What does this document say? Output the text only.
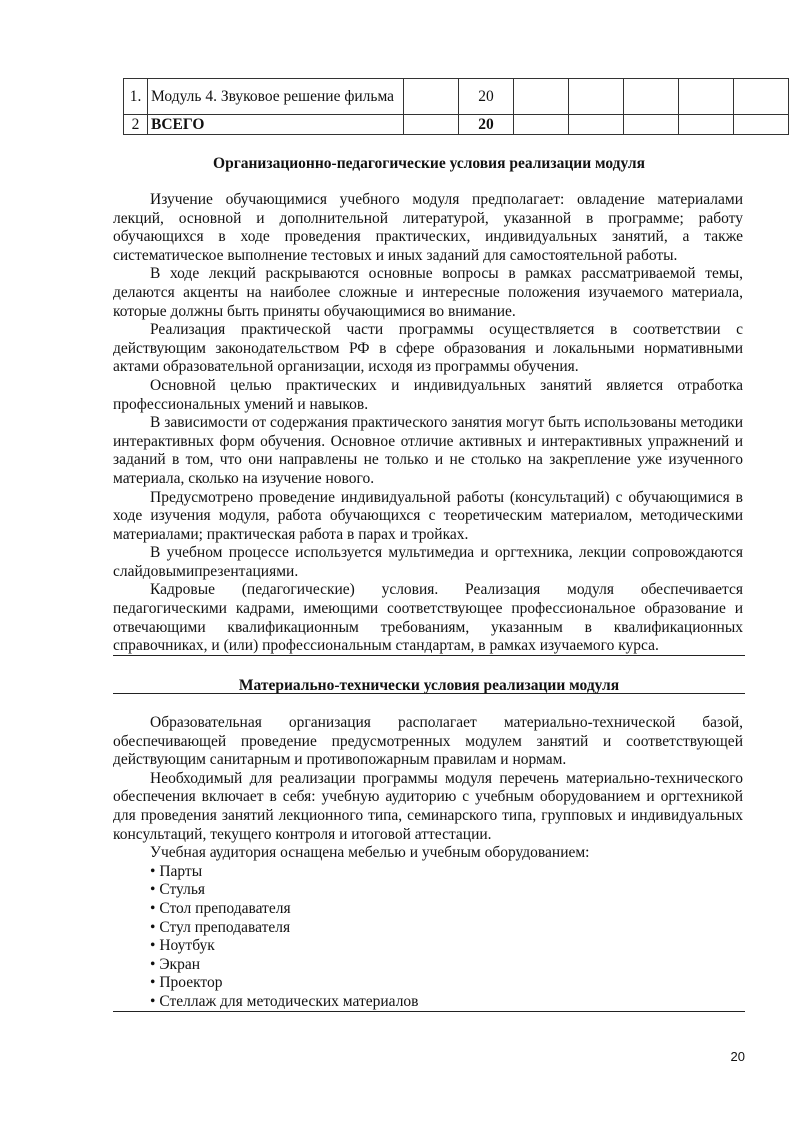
1.	Модуль 4. Звуковое решение фильма		20					
2	ВСЕГО		20					
Организационно-педагогические условия реализации модуля

Изучение обучающимися учебного модуля предполагает: овладение материалами лекций, основной и дополнительной литературой, указанной в программе; работу обучающихся в ходе проведения практических, индивидуальных занятий, а также систематическое выполнение тестовых и иных заданий для самостоятельной работы.

В ходе лекций раскрываются основные вопросы в рамках рассматриваемой темы, делаются акценты на наиболее сложные и интересные положения изучаемого материала, которые должны быть приняты обучающимися во внимание.

Реализация практической части программы осуществляется в соответствии с действующим законодательством РФ в сфере образования и локальными нормативными актами образовательной организации, исходя из программы обучения.

Основной целью практических и индивидуальных занятий является отработка профессиональных умений и навыков.

В зависимости от содержания практического занятия могут быть использованы методики интерактивных форм обучения. Основное отличие активных и интерактивных упражнений и заданий в том, что они направлены не только и не столько на закрепление уже изученного материала, сколько на изучение нового.

Предусмотрено проведение индивидуальной работы (консультаций) с обучающимися в ходе изучения модуля, работа обучающихся с теоретическим материалом, методическими материалами; практическая работа в парах и тройках.

В учебном процессе используется мультимедиа и оргтехника, лекции сопровождаются слайдовымипрезентациями.

Кадровые (педагогические) условия. Реализация модуля обеспечивается педагогическими кадрами, имеющими соответствующее профессиональное образование и отвечающими квалификационным требованиям, указанным в квалификационных справочниках, и (или) профессиональным стандартам, в рамках изучаемого курса.

Материально-технически условия реализации модуля

Образовательная организация располагает материально-технической базой, обеспечивающей проведение предусмотренных модулем занятий и соответствующей действующим санитарным и противопожарным правилам и нормам.

Необходимый для реализации программы модуля перечень материально-технического обеспечения включает в себя: учебную аудиторию с учебным оборудованием и оргтехникой для проведения занятий лекционного типа, семинарского типа, групповых и индивидуальных консультаций, текущего контроля и итоговой аттестации.

Учебная аудитория оснащена мебелью и учебным оборудованием:

• Парты
• Стулья
• Стол преподавателя
• Стул преподавателя
• Ноутбук
• Экран
• Проектор
• Стеллаж для методических материалов
20
